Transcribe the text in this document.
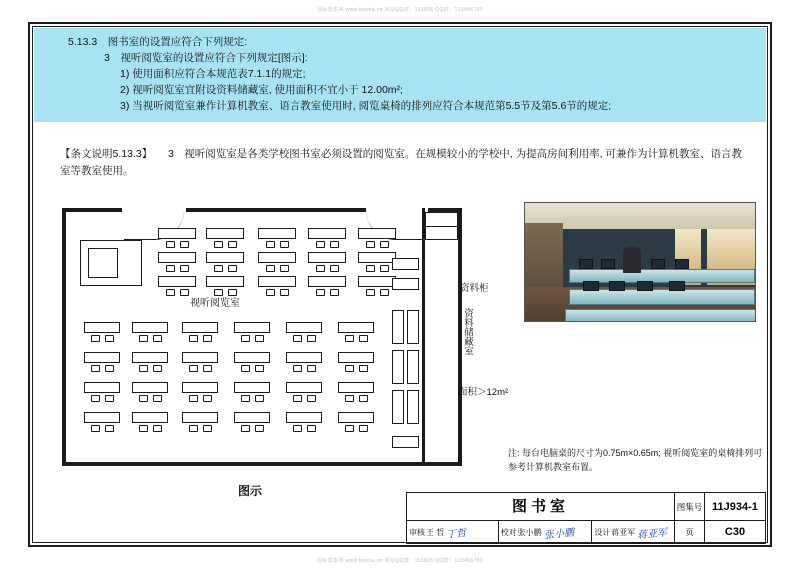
国标图集网 www.basha.cn 网站QQ群：113905 QQ群：123456789
国标图集网 www.basha.cn 网站QQ群：113905 QQ群：123456789
5.13.3　图书室的设置应符合下列规定:
3　视听阅览室的设置应符合下列规定[图示]:
1) 使用面积应符合本规范表7.1.1的规定;
2) 视听阅览室宜附设资料储藏室, 使用面积不宜小于 12.00m²;
3) 当视听阅览室兼作计算机教室、语言教室使用时, 阅览桌椅的排列应符合本规范第5.5节及第5.6节的规定;
【条文说明5.13.3】　　3　视听阅览室是各类学校图书室必须设置的阅览室。在规模较小的学校中, 为提高房间利用率, 可兼作为计算机教室、语言教室等教室使用。
视听阅览室
图示
资料柜
资料储藏室
面积＞12m²
注: 每台电脑桌的尺寸为0.75m×0.65m; 视听阅览室的桌椅排列可参考计算机教室布置。
图书室
审核 王 哲 丁哲	校对 张小鹏 张小鹏 设计 蒋亚军 蒋亚军
图集号 11J934-1
页	C30
